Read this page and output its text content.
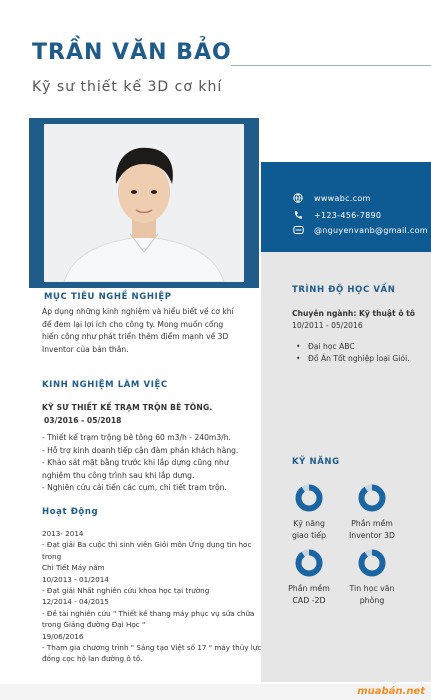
TRẦN VĂN BẢO
Kỹ sư thiết kế 3D cơ khí
wwwabc.com
+123-456-7890
@nguyenvanb@gmail.com
MỤC TIÊU NGHỀ NGHIỆP
Áp dụng những kinh nghiệm và hiểu biết về cơ khí
để đem lại lợi ích cho công ty. Mong muốn cống
hiến công như phát triển thêm điểm mạnh về 3D
Inventor của bản thân.
KINH NGHIỆM LÀM VIỆC
KỸ SƯ THIẾT KẾ TRẠM TRỘN BÊ TÔNG.
03/2016 - 05/2018
- Thiết kế trạm trộng bê tông 60 m3/h - 240m3/h.
- Hỗ trợ kinh doanh tiếp cận đàm phán khách hàng.
- Khảo sát mặt bằng trước khi lắp dựng cũng như
nghiệm thu công trình sau khi lắp dựng.
- Nghiên cứu cải tiến các cụm, chi tiết trạm trộn.
Hoạt Động
2013- 2014
- Đạt giải Ba cuộc thi sinh viên Giỏi môn Ứng dụng tin học trong
Chi Tiết Máy năm
10/2013 - 01/2014
- Đạt giải Nhất nghiên cứu khoa học tại trường
12/2014 - 04/2015
- Đề tài nghiên cứu " Thiết kế thang máy phục vụ sửa chữa
trong Giảng đường Đại Học "
19/06/2016
- Tham gia chương trình " Sáng tạo Việt số 17 " máy thủy lực
đóng cọc hộ lan đường ô tô.
TRÌNH ĐỘ HỌC VẤN
Chuyên ngành: Kỹ thuật ô tô
10/2011 - 05/2016
• Đại học ABC
• Đồ Án Tốt nghiệp loại Giỏi.
KỸ NĂNG
Kỹ năng
giao tiếp
Phần mềm
Inventor 3D
Phần mềm
CAD -2D
Tin học văn
phòng
muabán.net
